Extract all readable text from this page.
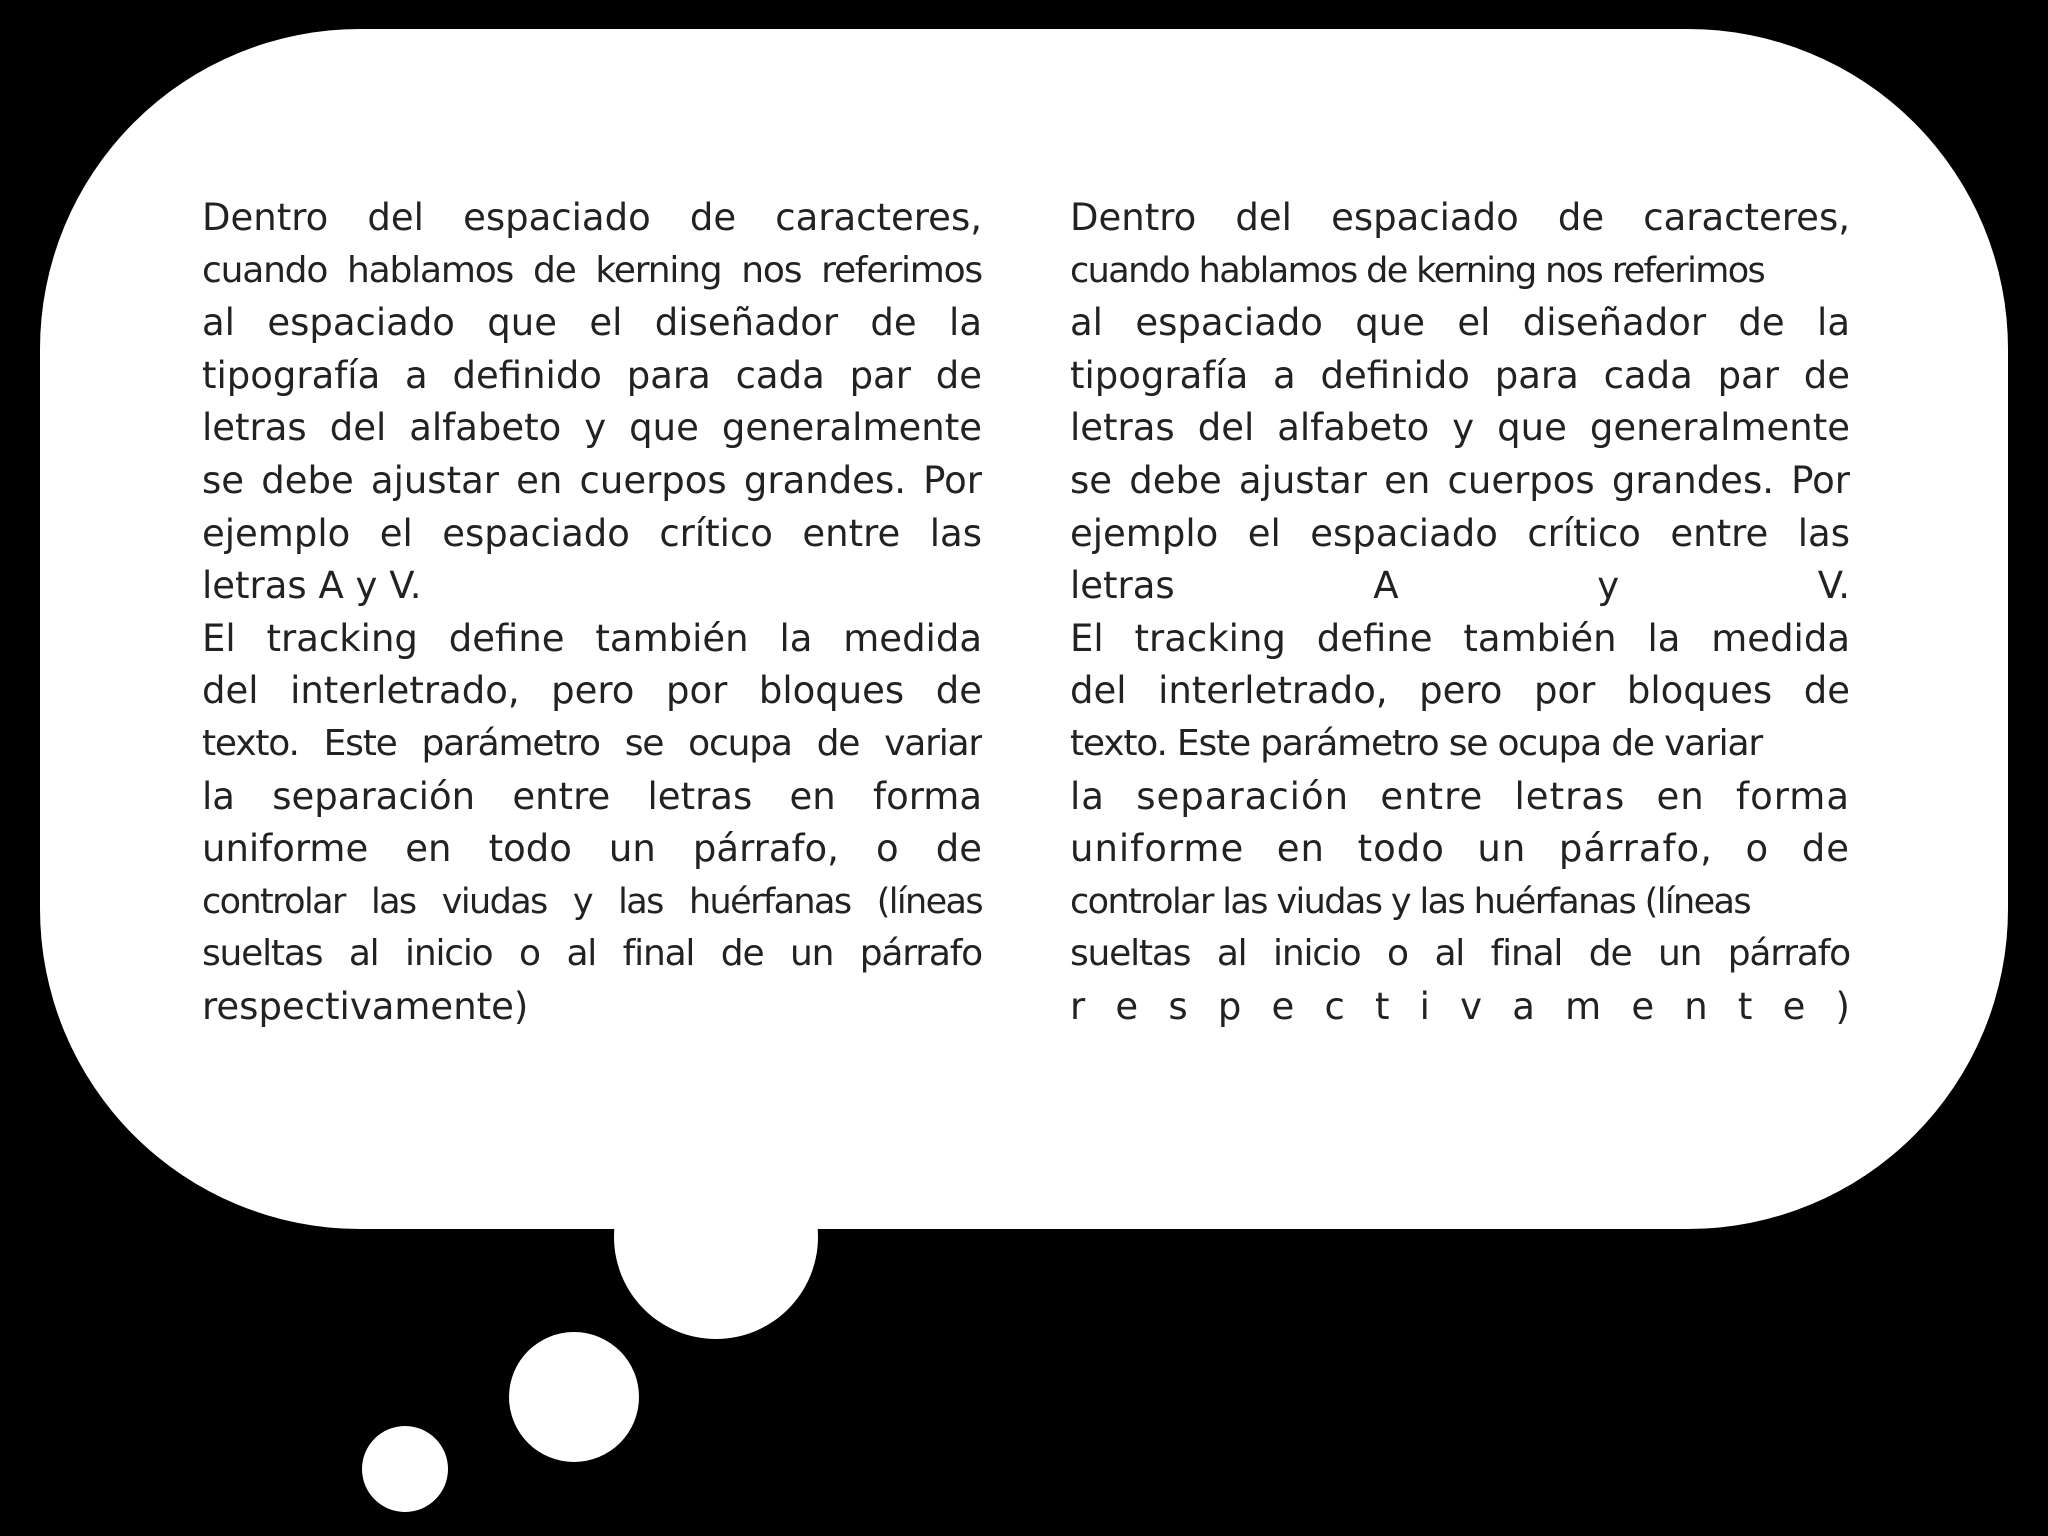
Dentro del espaciado de caracteres,
cuando hablamos de kerning nos referimos
al espaciado que el diseñador de la
tipografía a definido para cada par de
letras del alfabeto y que generalmente
se debe ajustar en cuerpos grandes. Por
ejemplo el espaciado crítico entre las
letras A y V.
El tracking define también la medida
del interletrado, pero por bloques de
texto. Este parámetro se ocupa de variar
la separación entre letras en forma
uniforme en todo un párrafo, o de
controlar las viudas y las huérfanas (líneas
sueltas al inicio o al final de un párrafo
respectivamente)
Dentro del espaciado de caracteres,
cuando hablamos de kerning nos referimos
al espaciado que el diseñador de la
tipografía a definido para cada par de
letras del alfabeto y que generalmente
se debe ajustar en cuerpos grandes. Por
ejemplo el espaciado crítico entre las
letras A y V.
El tracking define también la medida
del interletrado, pero por bloques de
texto. Este parámetro se ocupa de variar
la separación entre letras en forma
uniforme en todo un párrafo, o de
controlar las viudas y las huérfanas (líneas
sueltas al inicio o al final de un párrafo
r e s p e c t i v a m e n t e )
